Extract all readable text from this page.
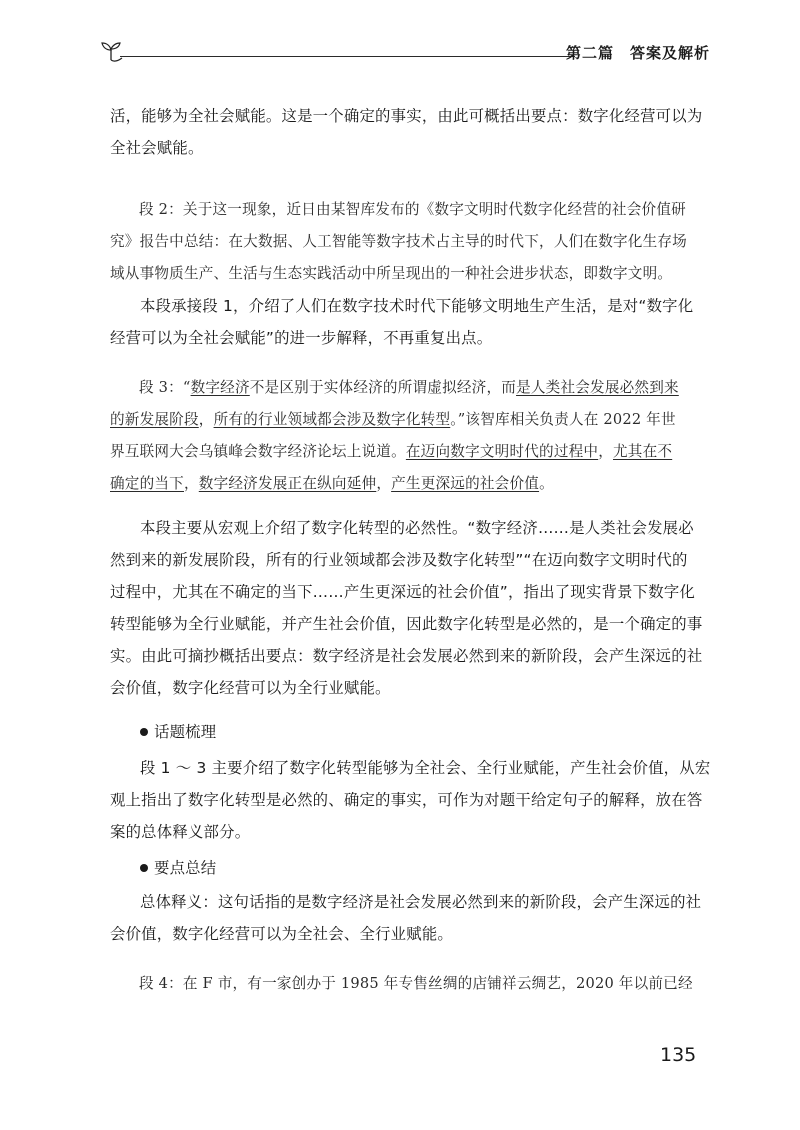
第二篇　答案及解析
活，能够为全社会赋能。这是一个确定的事实，由此可概括出要点：数字化经营可以为
全社会赋能。
段 2：关于这一现象，近日由某智库发布的《数字文明时代数字化经营的社会价值研
究》报告中总结：在大数据、人工智能等数字技术占主导的时代下，人们在数字化生存场
域从事物质生产、生活与生态实践活动中所呈现出的一种社会进步状态，即数字文明。
本段承接段 1，介绍了人们在数字技术时代下能够文明地生产生活，是对“数字化
经营可以为全社会赋能”的进一步解释，不再重复出点。
段 3：“数字经济不是区别于实体经济的所谓虚拟经济，而是人类社会发展必然到来
的新发展阶段，所有的行业领域都会涉及数字化转型。”该智库相关负责人在 2022 年世
界互联网大会乌镇峰会数字经济论坛上说道。在迈向数字文明时代的过程中，尤其在不
确定的当下，数字经济发展正在纵向延伸，产生更深远的社会价值。
本段主要从宏观上介绍了数字化转型的必然性。“数字经济……是人类社会发展必
然到来的新发展阶段，所有的行业领域都会涉及数字化转型”“在迈向数字文明时代的
过程中，尤其在不确定的当下……产生更深远的社会价值”，指出了现实背景下数字化
转型能够为全行业赋能，并产生社会价值，因此数字化转型是必然的，是一个确定的事
实。由此可摘抄概括出要点：数字经济是社会发展必然到来的新阶段，会产生深远的社
会价值，数字化经营可以为全行业赋能。
话题梳理
段 1 ～ 3 主要介绍了数字化转型能够为全社会、全行业赋能，产生社会价值，从宏
观上指出了数字化转型是必然的、确定的事实，可作为对题干给定句子的解释，放在答
案的总体释义部分。
要点总结
总体释义：这句话指的是数字经济是社会发展必然到来的新阶段，会产生深远的社
会价值，数字化经营可以为全社会、全行业赋能。
段 4：在 F 市，有一家创办于 1985 年专售丝绸的店铺祥云绸艺，2020 年以前已经
135
